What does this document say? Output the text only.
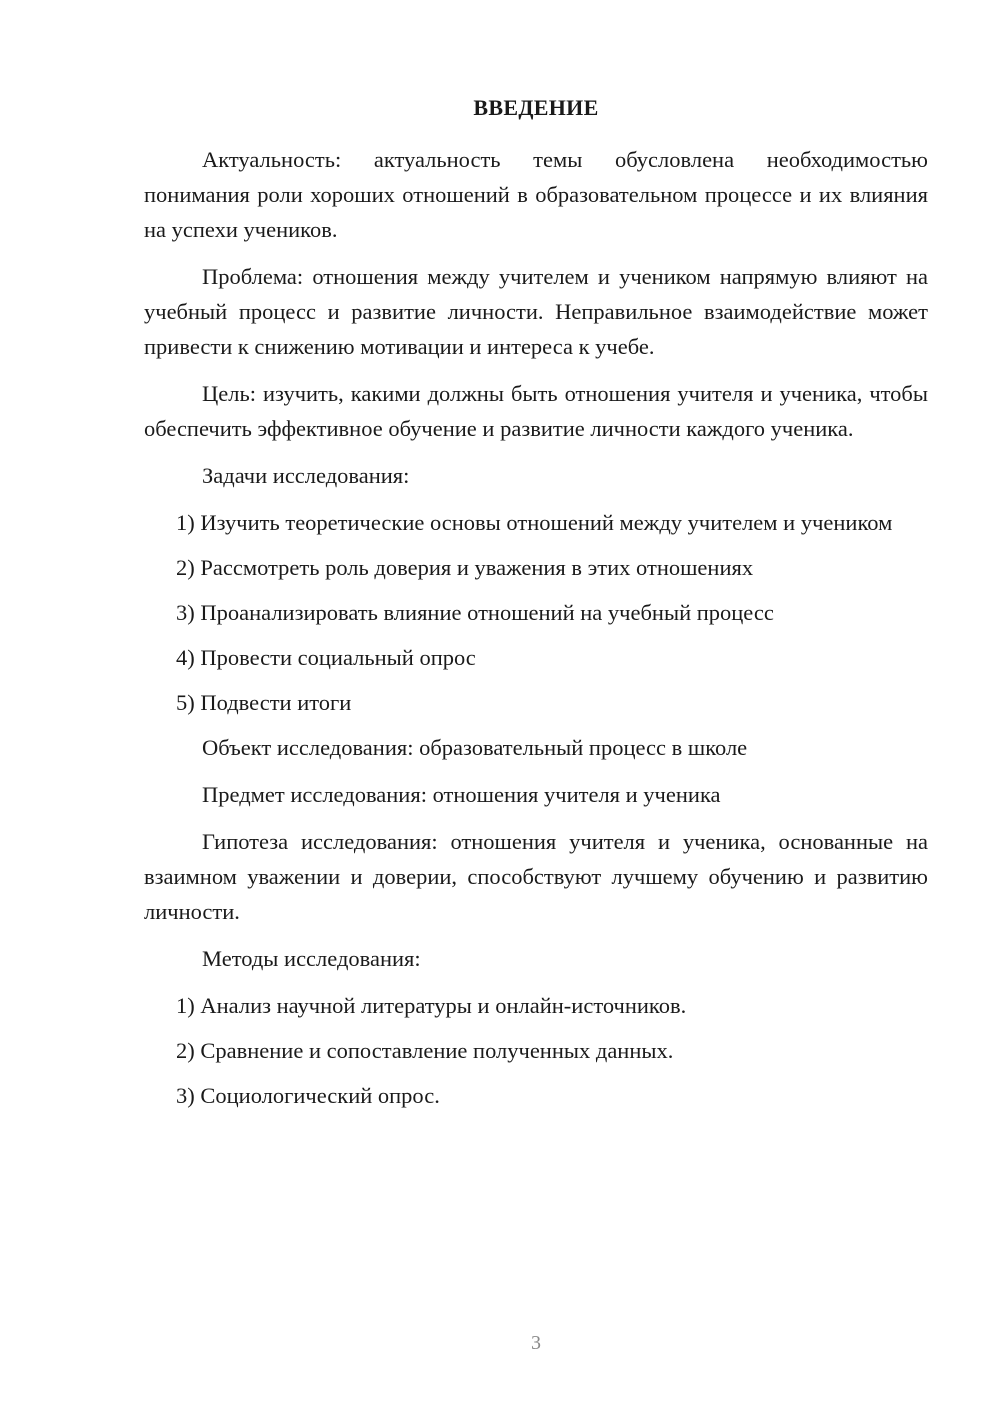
ВВЕДЕНИЕ

Актуальность: актуальность темы обусловлена необходимостью понимания роли хороших отношений в образовательном процессе и их влияния на успехи учеников.

Проблема: отношения между учителем и учеником напрямую влияют на учебный процесс и развитие личности. Неправильное взаимодействие может привести к снижению мотивации и интереса к учебе.

Цель: изучить, какими должны быть отношения учителя и ученика, чтобы обеспечить эффективное обучение и развитие личности каждого ученика.

Задачи исследования:

1) Изучить теоретические основы отношений между учителем и учеником

2) Рассмотреть роль доверия и уважения в этих отношениях

3) Проанализировать влияние отношений на учебный процесс

4) Провести социальный опрос

5) Подвести итоги

Объект исследования: образовательный процесс в школе

Предмет исследования: отношения учителя и ученика

Гипотеза исследования: отношения учителя и ученика, основанные на взаимном уважении и доверии, способствуют лучшему обучению и развитию личности.

Методы исследования:

1) Анализ научной литературы и онлайн-источников.

2) Сравнение и сопоставление полученных данных.

3) Социологический опрос.

3
